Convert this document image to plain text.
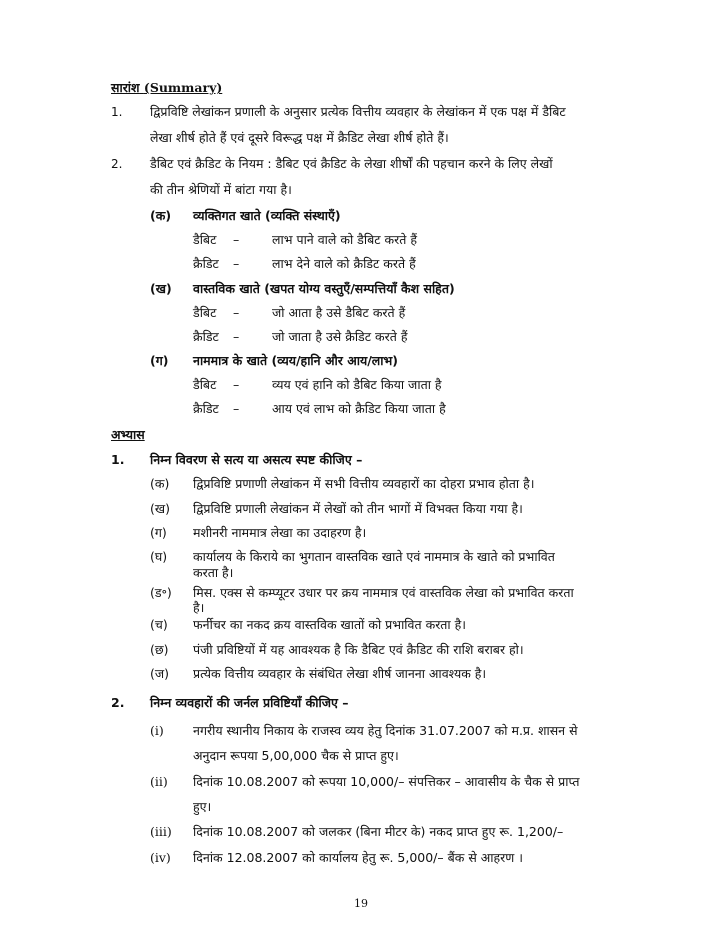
सारांश (Summary)
1. द्विप्रविष्टि लेखांकन प्रणाली के अनुसार प्रत्येक वित्तीय व्यवहार के लेखांकन में एक पक्ष में डैबिट
लेखा शीर्ष होते हैं एवं दूसरे विरूद्ध पक्ष में क्रैडिट लेखा शीर्ष होते हैं।
2. डैबिट एवं क्रैडिट के नियम : डैबिट एवं क्रैडिट के लेखा शीर्षों की पहचान करने के लिए लेखों
की तीन श्रेणियों में बांटा गया है।
(क) व्यक्तिगत खाते (व्यक्ति संस्थाएँ)
डैबिट –	लाभ पाने वाले को डैबिट करते हैं
क्रैडिट –	लाभ देने वाले को क्रैडिट करते हैं
(ख) वास्तविक खाते (खपत योग्य वस्तुएँ/सम्पत्तियाँ कैश सहित)
डैबिट –	जो आता है उसे डैबिट करते हैं
क्रैडिट –	जो जाता है उसे क्रैडिट करते हैं
(ग) नाममात्र के खाते (व्यय/हानि और आय/लाभ)
डैबिट –	व्यय एवं हानि को डैबिट किया जाता है
क्रैडिट –	आय एवं लाभ को क्रैडिट किया जाता है
अभ्यास
1. निम्न विवरण से सत्य या असत्य स्पष्ट कीजिए –
(क) द्विप्रविष्टि प्रणाणी लेखांकन में सभी वित्तीय व्यवहारों का दोहरा प्रभाव होता है।
(ख) द्विप्रविष्टि प्रणाली लेखांकन में लेखों को तीन भागों में विभक्त किया गया है।
(ग) मशीनरी नाममात्र लेखा का उदाहरण है।
(घ) कार्यालय के किराये का भुगतान वास्तविक खाते एवं नाममात्र के खाते को प्रभावित
करता है।
(ड॰) मिस. एक्स से कम्प्यूटर उधार पर क्रय नाममात्र एवं वास्तविक लेखा को प्रभावित करता
है।
(च) फर्नीचर का नकद क्रय वास्तविक खातों को प्रभावित करता है।
(छ) पंजी प्रविष्टियों में यह आवश्यक है कि डैबिट एवं क्रैडिट की राशि बराबर हो।
(ज) प्रत्येक वित्तीय व्यवहार के संबंधित लेखा शीर्ष जानना आवश्यक है।
2. निम्न व्यवहारों की जर्नल प्रविष्टियाँ कीजिए –
(i) नगरीय स्थानीय निकाय के राजस्व व्यय हेतु दिनांक 31.07.2007 को म.प्र. शासन से
अनुदान रूपया 5,00,000 चैक से प्राप्त हुए।
(ii) दिनांक 10.08.2007 को रूपया 10,000/– संपत्तिकर – आवासीय के चैक से प्राप्त
हुए।
(iii) दिनांक 10.08.2007 को जलकर (बिना मीटर के) नकद प्राप्त हुए रू. 1,200/–
(iv) दिनांक 12.08.2007 को कार्यालय हेतु रू. 5,000/– बैंक से आहरण ।
19
